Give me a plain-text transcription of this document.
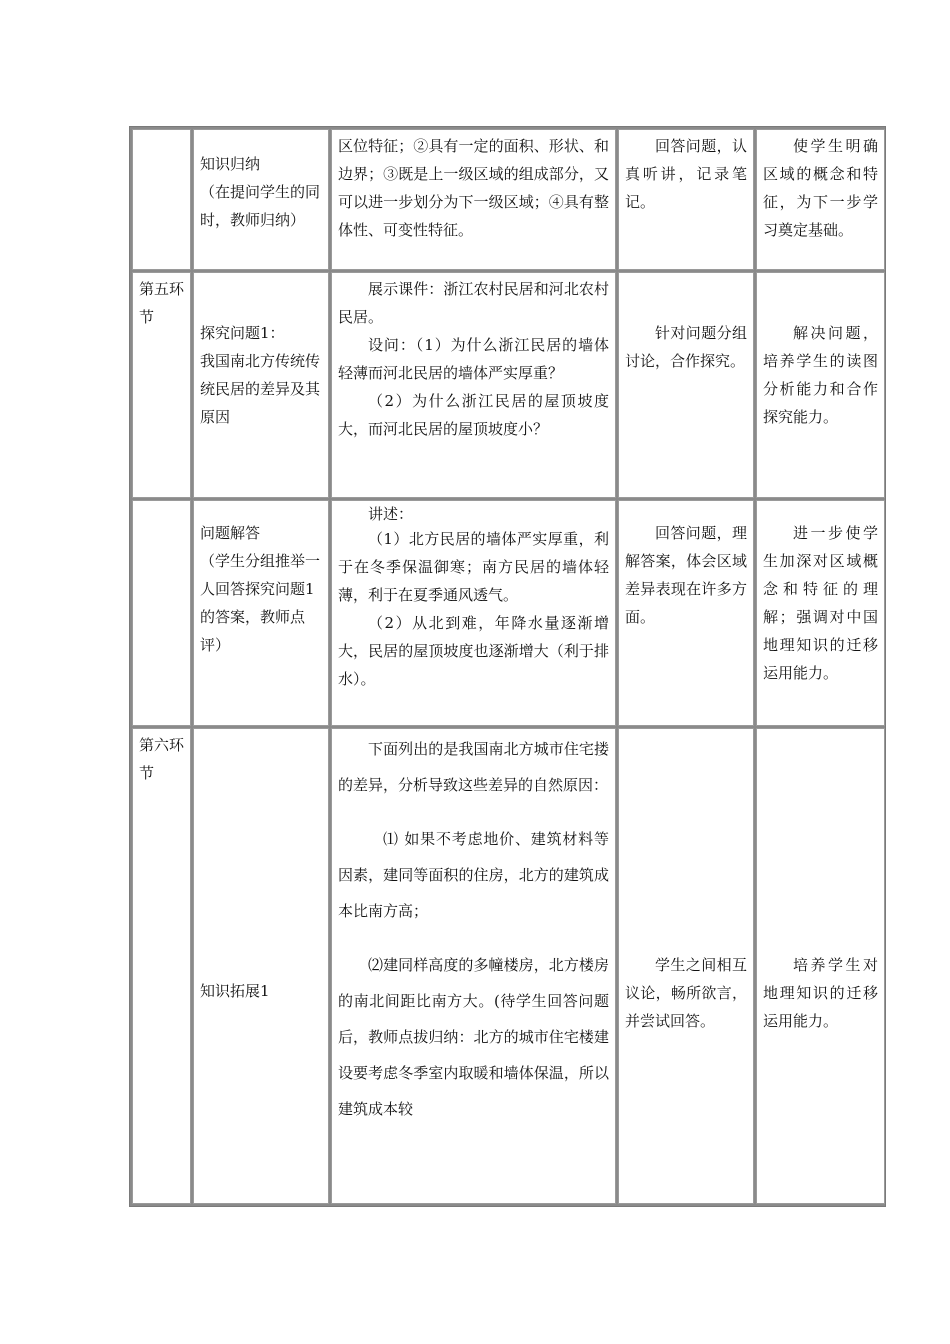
知识归纳

（在提问学生的同时，教师归纳）

区位特征；②具有一定的面积、形状、和边界；③既是上一级区域的组成部分，又可以进一步划分为下一级区域；④具有整体性、可变性特征。

回答问题，认真听讲，记录笔记。

使学生明确区域的概念和特征，为下一步学习奠定基础。

第五环节

探究问题1：

我国南北方传统传统民居的差异及其原因

展示课件：浙江农村民居和河北农村民居。

设问：（1）为什么浙江民居的墙体轻薄而河北民居的墙体严实厚重？

（2）为什么浙江民居的屋顶坡度大，而河北民居的屋顶坡度小？

针对问题分组讨论，合作探究。

解决问题，培养学生的读图分析能力和合作探究能力。

问题解答

（学生分组推举一人回答探究问题1的答案，教师点评）

讲述：

（1）北方民居的墙体严实厚重，利于在冬季保温御寒；南方民居的墙体轻薄，利于在夏季通风透气。

（2）从北到难，年降水量逐渐增大，民居的屋顶坡度也逐渐增大（利于排水）。

回答问题，理解答案，体会区域差异表现在许多方面。

进一步使学生加深对区域概念和特征的理解；强调对中国地理知识的迁移运用能力。

第六环节

知识拓展1

下面列出的是我国南北方城市住宅搂的差异，分析导致这些差异的自然原因：

⑴ 如果不考虑地价、建筑材料等因素，建同等面积的住房，北方的建筑成本比南方高；

⑵建同样高度的多幢楼房，北方楼房的南北间距比南方大。(待学生回答问题后，教师点拔归纳：北方的城市住宅楼建设要考虑冬季室内取暖和墙体保温，所以建筑成本较

学生之间相互议论，畅所欲言，并尝试回答。

培养学生对地理知识的迁移运用能力。
